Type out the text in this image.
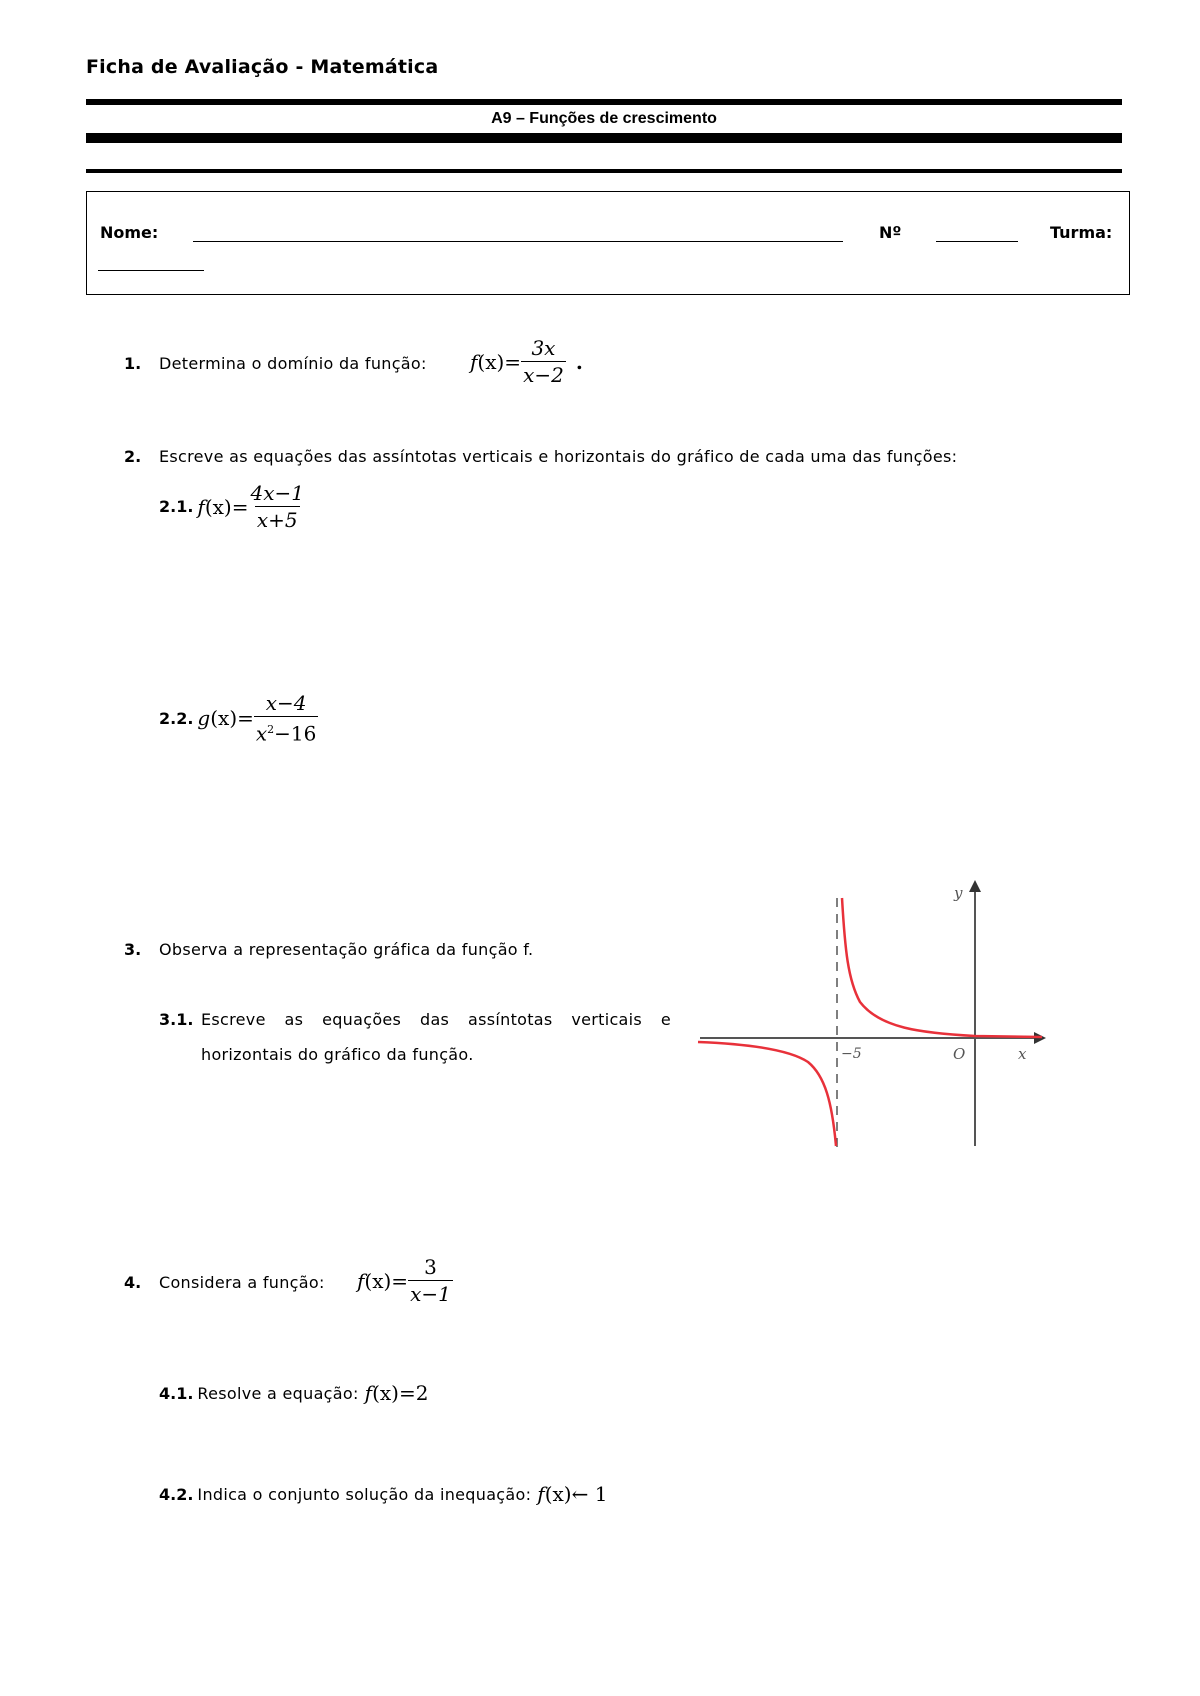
Ficha de Avaliação - Matemática
A9 – Funções de crescimento
Nome:	Nº	Turma:
1. Determina o domínio da função: f $(x)= \frac{3x}{x-2}$ .
2. Escreve as equações das assíntotas verticais e horizontais do gráfico de cada uma das funções:
2.1. f $(x)= \frac{4x-1}{x+5}$
2.2. g $(x)= \frac{x-4}{x^2-16}$
3. Observa a representação gráfica da função f.
3.1. Escreve as equações das assíntotas verticais e
horizontais do gráfico da função.
y
x
O
−5
4. Considera a função: f $(x)= \frac{3}{x-1}$
4.1. Resolve a equação: f (x)=2
4.2. Indica o conjunto solução da inequação: f (x)← 1
